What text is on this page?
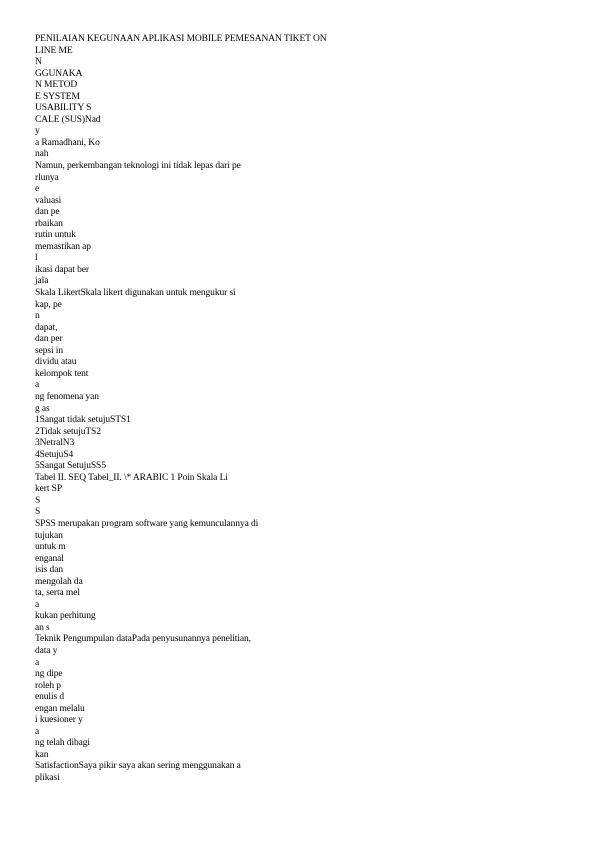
PENILAIAN KEGUNAAN APLIKASI MOBILE PEMESANAN TIKET ON
LINE ME
N
GGUNAKA
N METOD
E SYSTEM
USABILITY S
CALE (SUS)Nad
y
a Ramadhani, Ko
nah
Namun, perkembangan teknologi ini tidak lepas dari pe
rlunya
e
valuasi
dan pe
rbaikan
rutin untuk
memastikan ap
l
ikasi dapat ber
jala
Skala LikertSkala likert digunakan untuk mengukur si
kap, pe
n
dapat,
dan per
sepsi in
dividu atau
kelompok tent
a
ng fenomena yan
g as
1Sangat tidak setujuSTS1
2Tidak setujuTS2
3NetralN3
4SetujuS4
5Sangat SetujuSS5
Tabel II. SEQ Tabel_II. \* ARABIC 1 Poin Skala Li
kert SP
S
S
SPSS merupakan program software yang kemunculannya di
tujukan
untuk m
enganal
isis dan
mengolah da
ta, serta mel
a
kukan perhitung
an s
Teknik Pengumpulan dataPada penyusunannya penelitian,
data y
a
ng dipe
roleh p
enulis d
engan melalu
i kuesioner y
a
ng telah dibagi
kan
SatisfactionSaya pikir saya akan sering menggunakan a
plikasi
